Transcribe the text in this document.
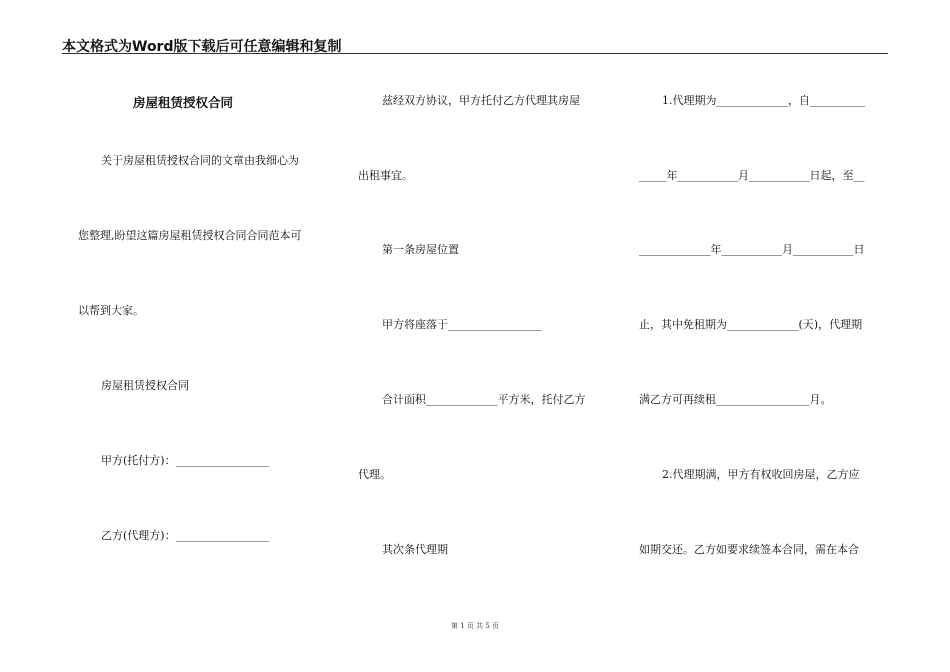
本文格式为Word版下载后可任意编辑和复制
房屋租赁授权合同
关于房屋租赁授权合同的文章由我细心为
您整理,盼望这篇房屋租赁授权合同合同范本可
以帮到大家。
房屋租赁授权合同
甲方(托付方)：_________________
乙方(代理方)：_________________
兹经双方协议，甲方托付乙方代理其房屋
出租事宜。
第一条房屋位置
甲方将座落于_________________
合计面积_____________平方米，托付乙方
代理。
其次条代理期
1.代理期为_____________，自__________
_____年___________月___________日起，至__
_____________年___________月___________日
止，其中免租期为_____________(天)，代理期
满乙方可再续租_________________月。
2.代理期满，甲方有权收回房屋，乙方应
如期交还。乙方如要求续签本合同，需在本合
第 1 页 共 5 页
